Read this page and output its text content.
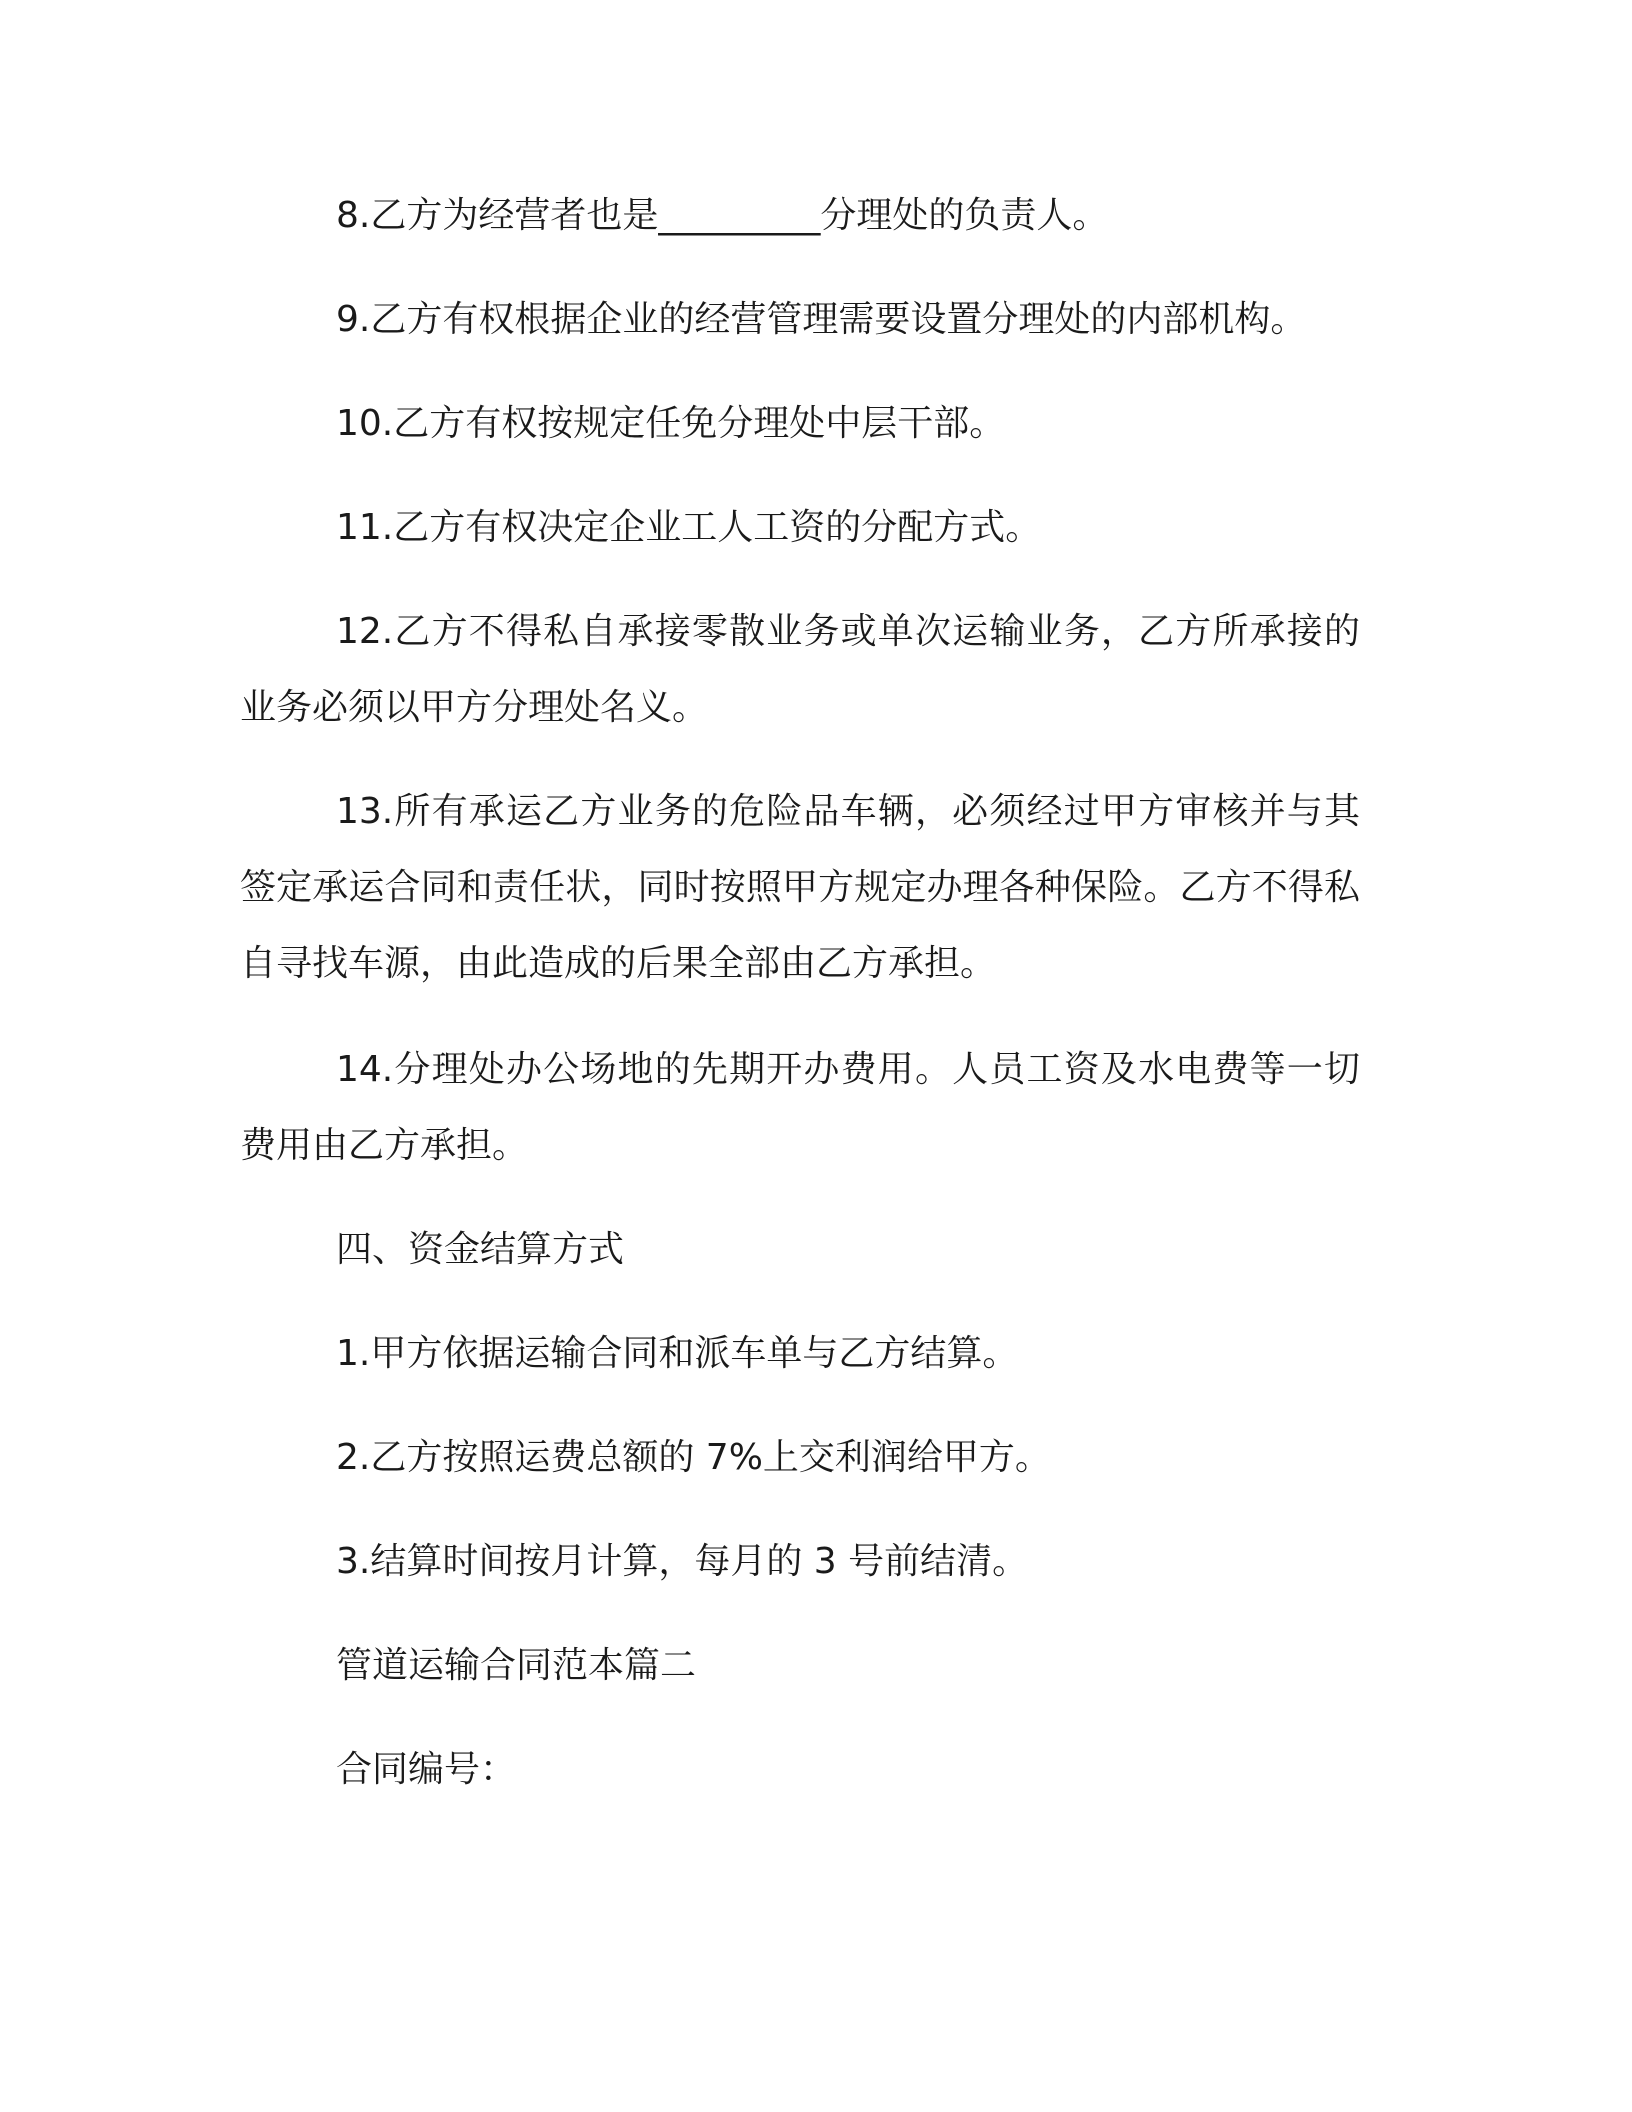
8.乙方为经营者也是_________分理处的负责人。

9.乙方有权根据企业的经营管理需要设置分理处的内部机构。

10.乙方有权按规定任免分理处中层干部。

11.乙方有权决定企业工人工资的分配方式。

12.乙方不得私自承接零散业务或单次运输业务，乙方所承接的业务必须以甲方分理处名义。

13.所有承运乙方业务的危险品车辆，必须经过甲方审核并与其签定承运合同和责任状，同时按照甲方规定办理各种保险。乙方不得私自寻找车源，由此造成的后果全部由乙方承担。

14.分理处办公场地的先期开办费用。人员工资及水电费等一切费用由乙方承担。

四、资金结算方式

1.甲方依据运输合同和派车单与乙方结算。

2.乙方按照运费总额的 7%上交利润给甲方。

3.结算时间按月计算，每月的 3 号前结清。

管道运输合同范本篇二

合同编号：
